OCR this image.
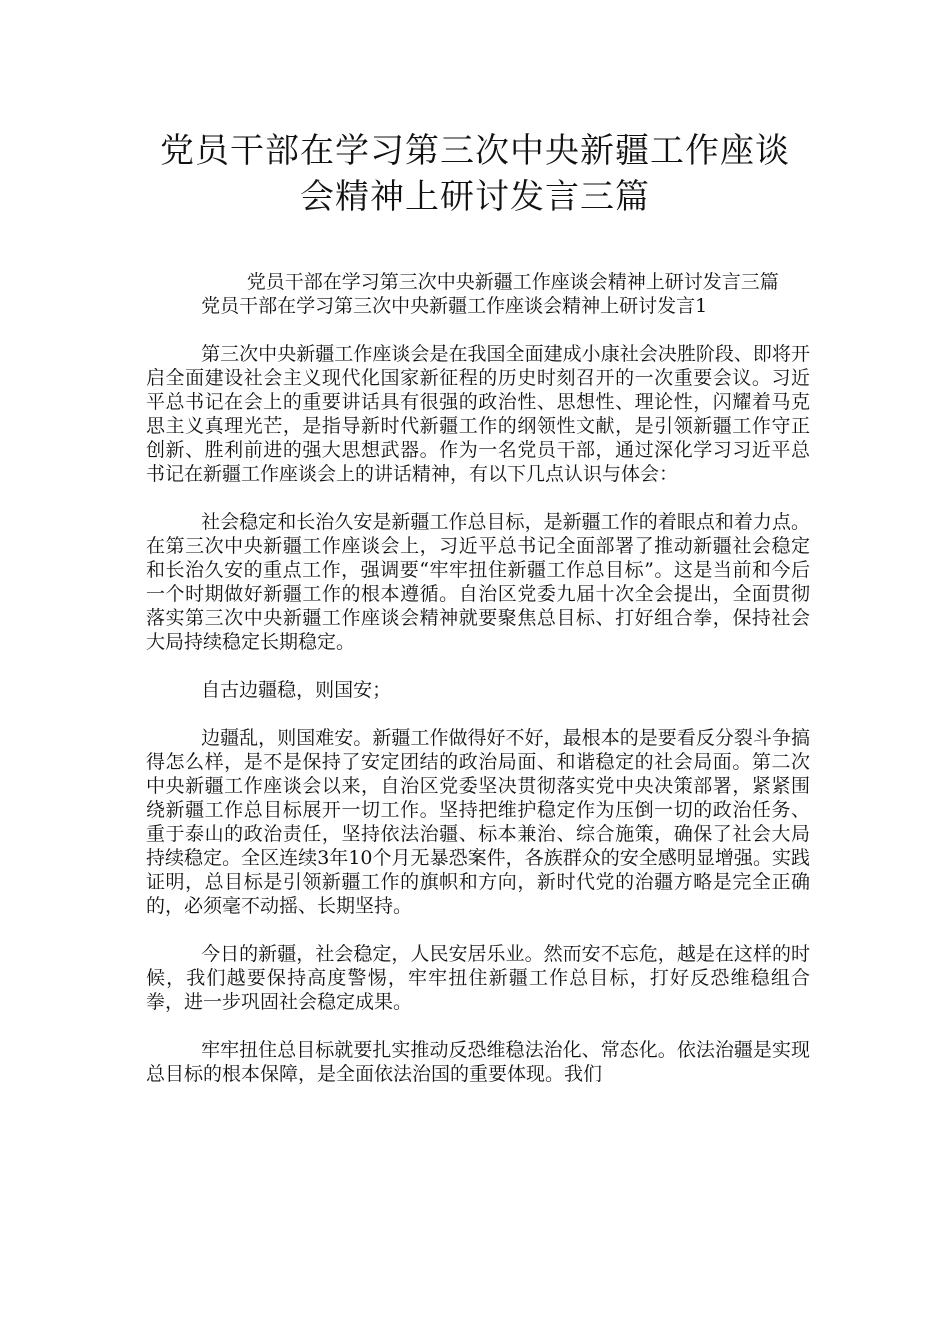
党员干部在学习第三次中央新疆工作座谈
会精神上研讨发言三篇

党员干部在学习第三次中央新疆工作座谈会精神上研讨发言三篇

党员干部在学习第三次中央新疆工作座谈会精神上研讨发言1

第三次中央新疆工作座谈会是在我国全面建成小康社会决胜阶段、即将开启全面建设社会主义现代化国家新征程的历史时刻召开的一次重要会议。习近平总书记在会上的重要讲话具有很强的政治性、思想性、理论性，闪耀着马克思主义真理光芒，是指导新时代新疆工作的纲领性文献，是引领新疆工作守正创新、胜利前进的强大思想武器。作为一名党员干部，通过深化学习习近平总书记在新疆工作座谈会上的讲话精神，有以下几点认识与体会：

社会稳定和长治久安是新疆工作总目标，是新疆工作的着眼点和着力点。在第三次中央新疆工作座谈会上，习近平总书记全面部署了推动新疆社会稳定和长治久安的重点工作，强调要“牢牢扭住新疆工作总目标”。这是当前和今后一个时期做好新疆工作的根本遵循。自治区党委九届十次全会提出，全面贯彻落实第三次中央新疆工作座谈会精神就要聚焦总目标、打好组合拳，保持社会大局持续稳定长期稳定。

自古边疆稳，则国安；

边疆乱，则国难安。新疆工作做得好不好，最根本的是要看反分裂斗争搞得怎么样，是不是保持了安定团结的政治局面、和谐稳定的社会局面。第二次中央新疆工作座谈会以来，自治区党委坚决贯彻落实党中央决策部署，紧紧围绕新疆工作总目标展开一切工作。坚持把维护稳定作为压倒一切的政治任务、重于泰山的政治责任，坚持依法治疆、标本兼治、综合施策，确保了社会大局持续稳定。全区连续3年10个月无暴恐案件，各族群众的安全感明显增强。实践证明，总目标是引领新疆工作的旗帜和方向，新时代党的治疆方略是完全正确的，必须毫不动摇、长期坚持。

今日的新疆，社会稳定，人民安居乐业。然而安不忘危，越是在这样的时候，我们越要保持高度警惕，牢牢扭住新疆工作总目标，打好反恐维稳组合拳，进一步巩固社会稳定成果。

牢牢扭住总目标就要扎实推动反恐维稳法治化、常态化。依法治疆是实现总目标的根本保障，是全面依法治国的重要体现。我们
